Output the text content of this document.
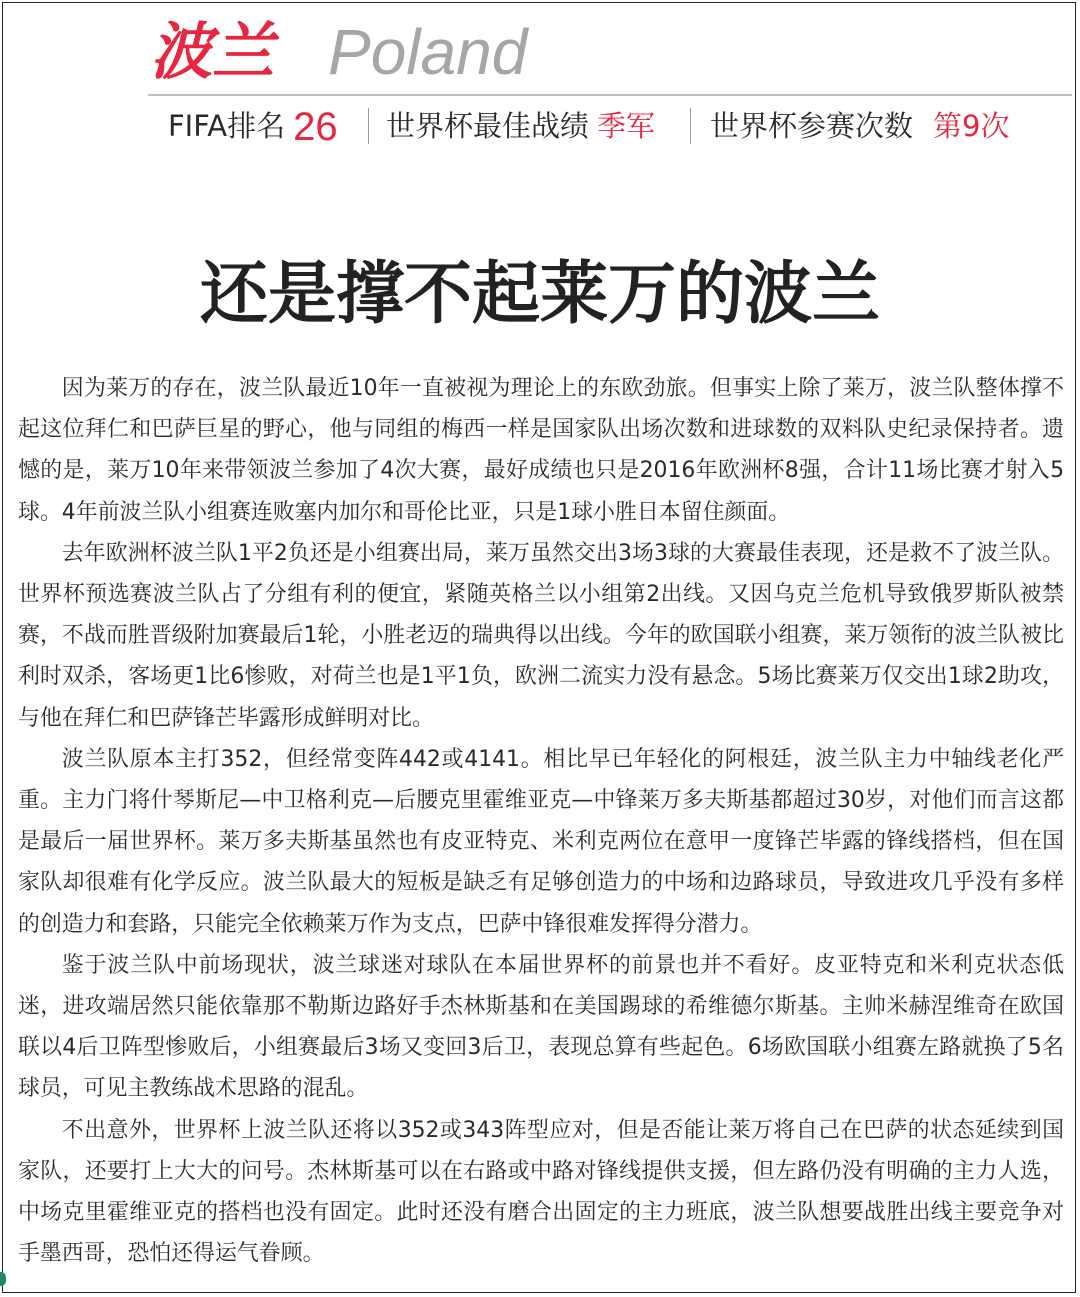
波兰 Poland
FIFA排名 26 世界杯最佳战绩 季军 世界杯参赛次数 第9次
还是撑不起莱万的波兰

因为莱万的存在，波兰队最近10年一直被视为理论上的东欧劲旅。但事实上除了莱万，波兰队整体撑不起这位拜仁和巴萨巨星的野心，他与同组的梅西一样是国家队出场次数和进球数的双料队史纪录保持者。遗憾的是，莱万10年来带领波兰参加了4次大赛，最好成绩也只是2016年欧洲杯8强，合计11场比赛才射入5球。4年前波兰队小组赛连败塞内加尔和哥伦比亚，只是1球小胜日本留住颜面。

去年欧洲杯波兰队1平2负还是小组赛出局，莱万虽然交出3场3球的大赛最佳表现，还是救不了波兰队。世界杯预选赛波兰队占了分组有利的便宜，紧随英格兰以小组第2出线。又因乌克兰危机导致俄罗斯队被禁赛，不战而胜晋级附加赛最后1轮，小胜老迈的瑞典得以出线。今年的欧国联小组赛，莱万领衔的波兰队被比利时双杀，客场更1比6惨败，对荷兰也是1平1负，欧洲二流实力没有悬念。5场比赛莱万仅交出1球2助攻，与他在拜仁和巴萨锋芒毕露形成鲜明对比。

波兰队原本主打352，但经常变阵442或4141。相比早已年轻化的阿根廷，波兰队主力中轴线老化严重。主力门将什琴斯尼—中卫格利克—后腰克里霍维亚克—中锋莱万多夫斯基都超过30岁，对他们而言这都是最后一届世界杯。莱万多夫斯基虽然也有皮亚特克、米利克两位在意甲一度锋芒毕露的锋线搭档，但在国家队却很难有化学反应。波兰队最大的短板是缺乏有足够创造力的中场和边路球员，导致进攻几乎没有多样的创造力和套路，只能完全依赖莱万作为支点，巴萨中锋很难发挥得分潜力。

鉴于波兰队中前场现状，波兰球迷对球队在本届世界杯的前景也并不看好。皮亚特克和米利克状态低迷，进攻端居然只能依靠那不勒斯边路好手杰林斯基和在美国踢球的希维德尔斯基。主帅米赫涅维奇在欧国联以4后卫阵型惨败后，小组赛最后3场又变回3后卫，表现总算有些起色。6场欧国联小组赛左路就换了5名球员，可见主教练战术思路的混乱。

不出意外，世界杯上波兰队还将以352或343阵型应对，但是否能让莱万将自己在巴萨的状态延续到国家队，还要打上大大的问号。杰林斯基可以在右路或中路对锋线提供支援，但左路仍没有明确的主力人选，中场克里霍维亚克的搭档也没有固定。此时还没有磨合出固定的主力班底，波兰队想要战胜出线主要竞争对手墨西哥，恐怕还得运气眷顾。
